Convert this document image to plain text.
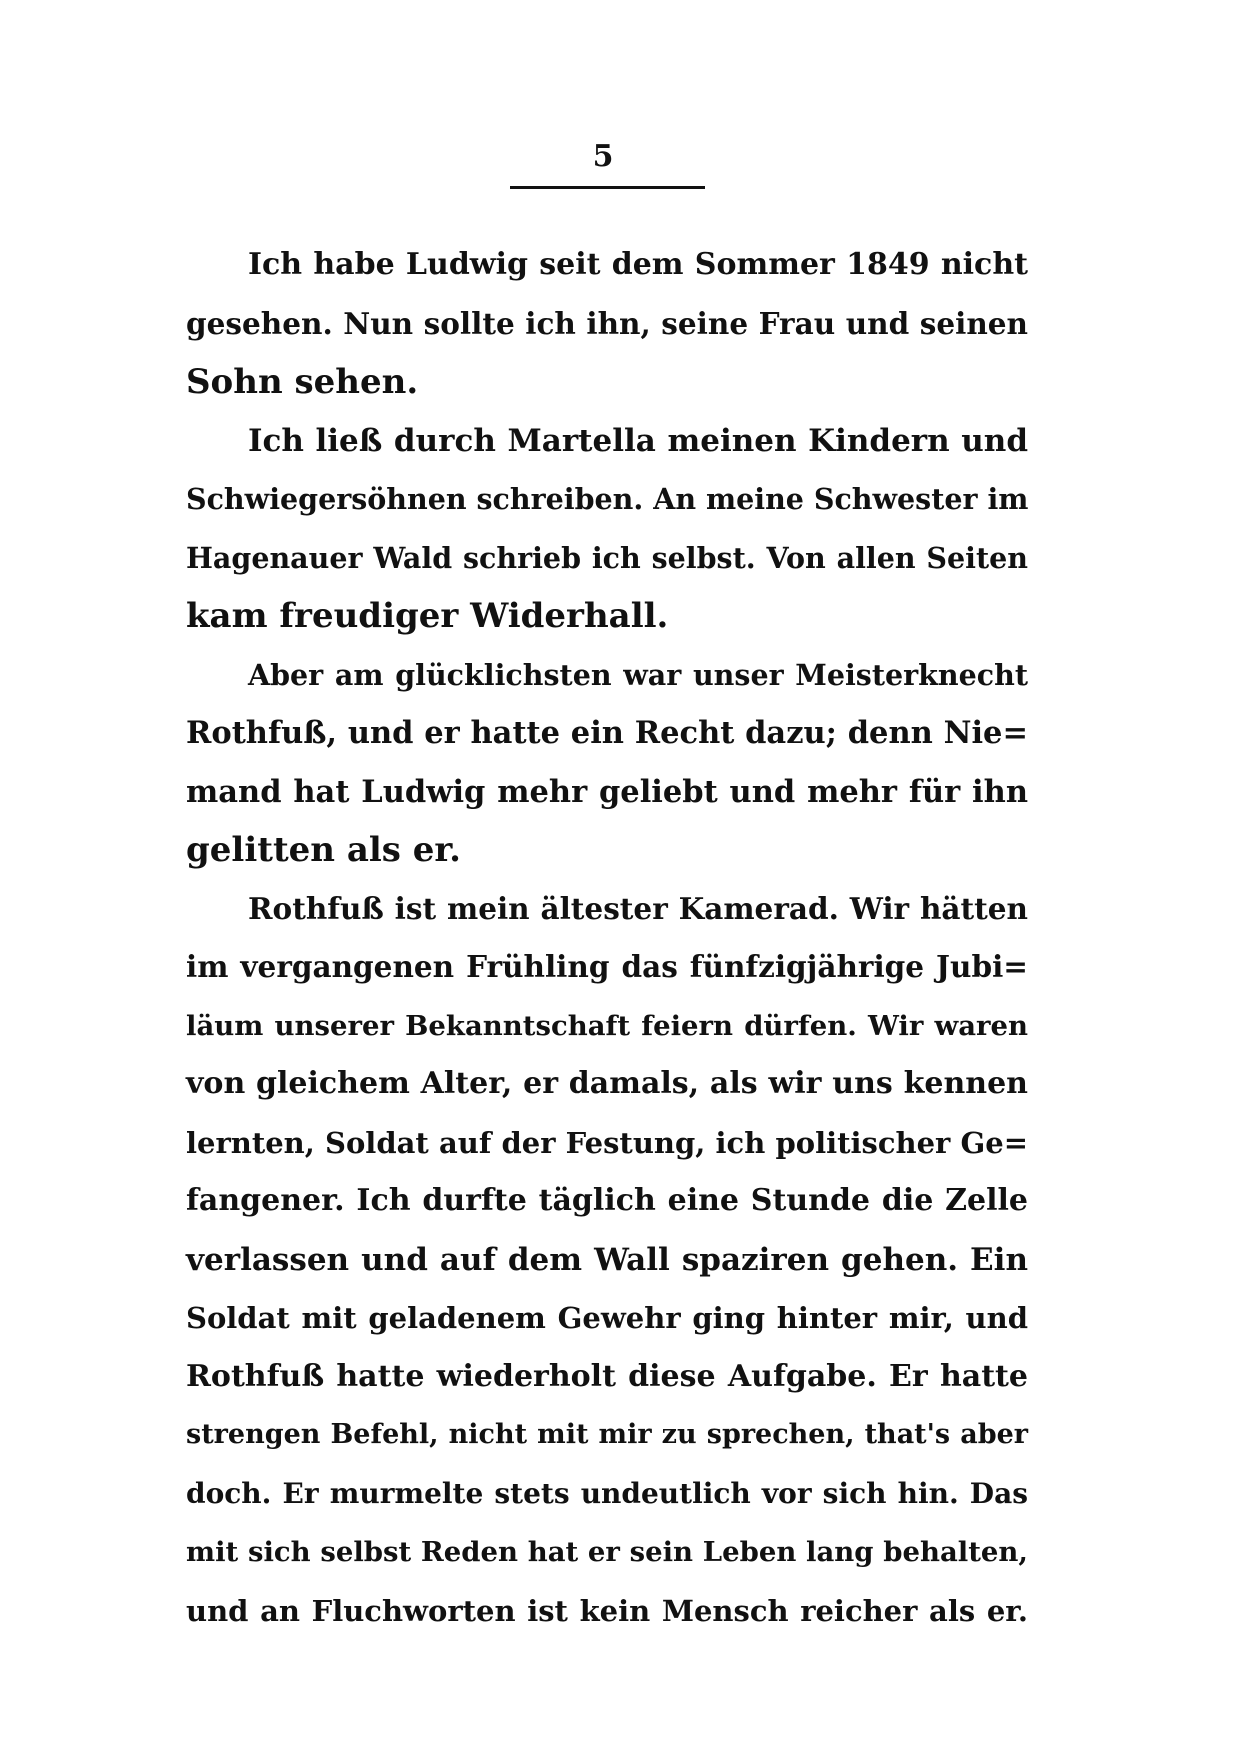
5
Ich habe Ludwig seit dem Sommer 1849 nicht
gesehen. Nun sollte ich ihn, seine Frau und seinen
Sohn sehen.
Ich ließ durch Martella meinen Kindern und
Schwiegersöhnen schreiben. An meine Schwester im
Hagenauer Wald schrieb ich selbst. Von allen Seiten
kam freudiger Widerhall.
Aber am glücklichsten war unser Meisterknecht
Rothfuß, und er hatte ein Recht dazu; denn Nie=
mand hat Ludwig mehr geliebt und mehr für ihn
gelitten als er.
Rothfuß ist mein ältester Kamerad. Wir hätten
im vergangenen Frühling das fünfzigjährige Jubi=
läum unserer Bekanntschaft feiern dürfen. Wir waren
von gleichem Alter, er damals, als wir uns kennen
lernten, Soldat auf der Festung, ich politischer Ge=
fangener. Ich durfte täglich eine Stunde die Zelle
verlassen und auf dem Wall spaziren gehen. Ein
Soldat mit geladenem Gewehr ging hinter mir, und
Rothfuß hatte wiederholt diese Aufgabe. Er hatte
strengen Befehl, nicht mit mir zu sprechen, that's aber
doch. Er murmelte stets undeutlich vor sich hin. Das
mit sich selbst Reden hat er sein Leben lang behalten,
und an Fluchworten ist kein Mensch reicher als er.
